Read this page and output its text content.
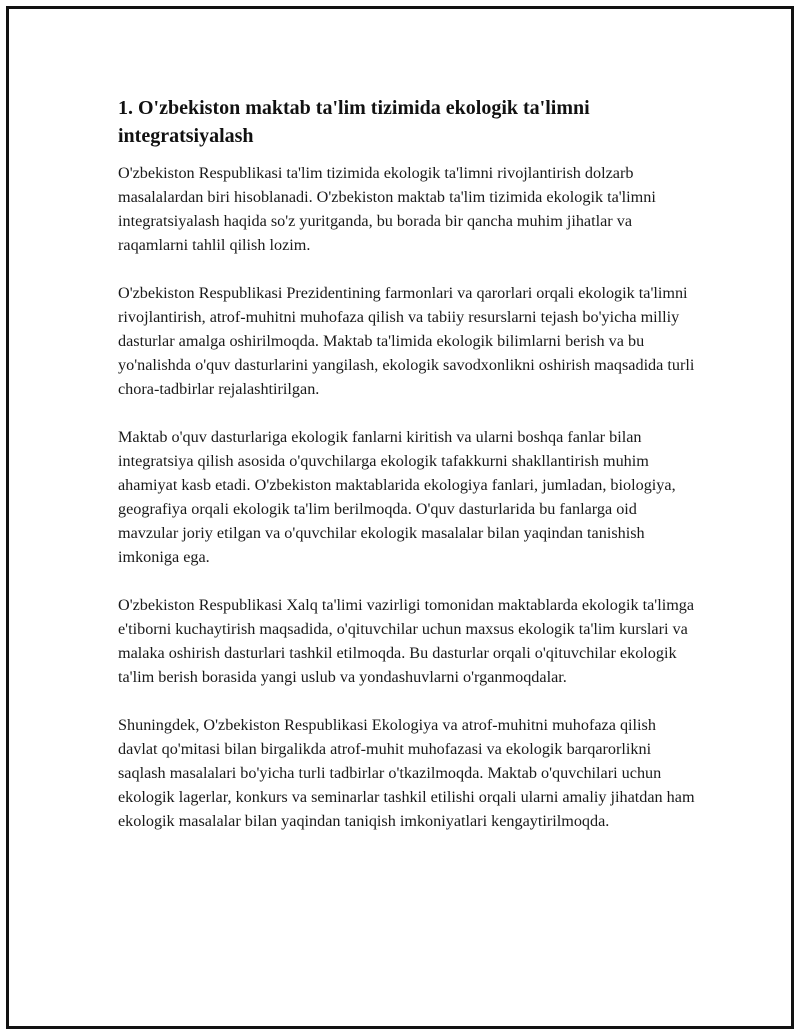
1. O'zbekiston maktab ta'lim tizimida ekologik ta'limni integratsiyalash

O'zbekiston Respublikasi ta'lim tizimida ekologik ta'limni rivojlantirish dolzarb masalalardan biri hisoblanadi. O'zbekiston maktab ta'lim tizimida ekologik ta'limni integratsiyalash haqida so'z yuritganda, bu borada bir qancha muhim jihatlar va raqamlarni tahlil qilish lozim.

O'zbekiston Respublikasi Prezidentining farmonlari va qarorlari orqali ekologik ta'limni rivojlantirish, atrof-muhitni muhofaza qilish va tabiiy resurslarni tejash bo'yicha milliy dasturlar amalga oshirilmoqda. Maktab ta'limida ekologik bilimlarni berish va bu yo'nalishda o'quv dasturlarini yangilash, ekologik savodxonlikni oshirish maqsadida turli chora-tadbirlar rejalashtirilgan.

Maktab o'quv dasturlariga ekologik fanlarni kiritish va ularni boshqa fanlar bilan integratsiya qilish asosida o'quvchilarga ekologik tafakkurni shakllantirish muhim ahamiyat kasb etadi. O'zbekiston maktablarida ekologiya fanlari, jumladan, biologiya, geografiya orqali ekologik ta'lim berilmoqda. O'quv dasturlarida bu fanlarga oid mavzular joriy etilgan va o'quvchilar ekologik masalalar bilan yaqindan tanishish imkoniga ega.

O'zbekiston Respublikasi Xalq ta'limi vazirligi tomonidan maktablarda ekologik ta'limga e'tiborni kuchaytirish maqsadida, o'qituvchilar uchun maxsus ekologik ta'lim kurslari va malaka oshirish dasturlari tashkil etilmoqda. Bu dasturlar orqali o'qituvchilar ekologik ta'lim berish borasida yangi uslub va yondashuvlarni o'rganmoqdalar.

Shuningdek, O'zbekiston Respublikasi Ekologiya va atrof-muhitni muhofaza qilish davlat qo'mitasi bilan birgalikda atrof-muhit muhofazasi va ekologik barqarorlikni saqlash masalalari bo'yicha turli tadbirlar o'tkazilmoqda. Maktab o'quvchilari uchun ekologik lagerlar, konkurs va seminarlar tashkil etilishi orqali ularni amaliy jihatdan ham ekologik masalalar bilan yaqindan taniqish imkoniyatlari kengaytirilmoqda.
